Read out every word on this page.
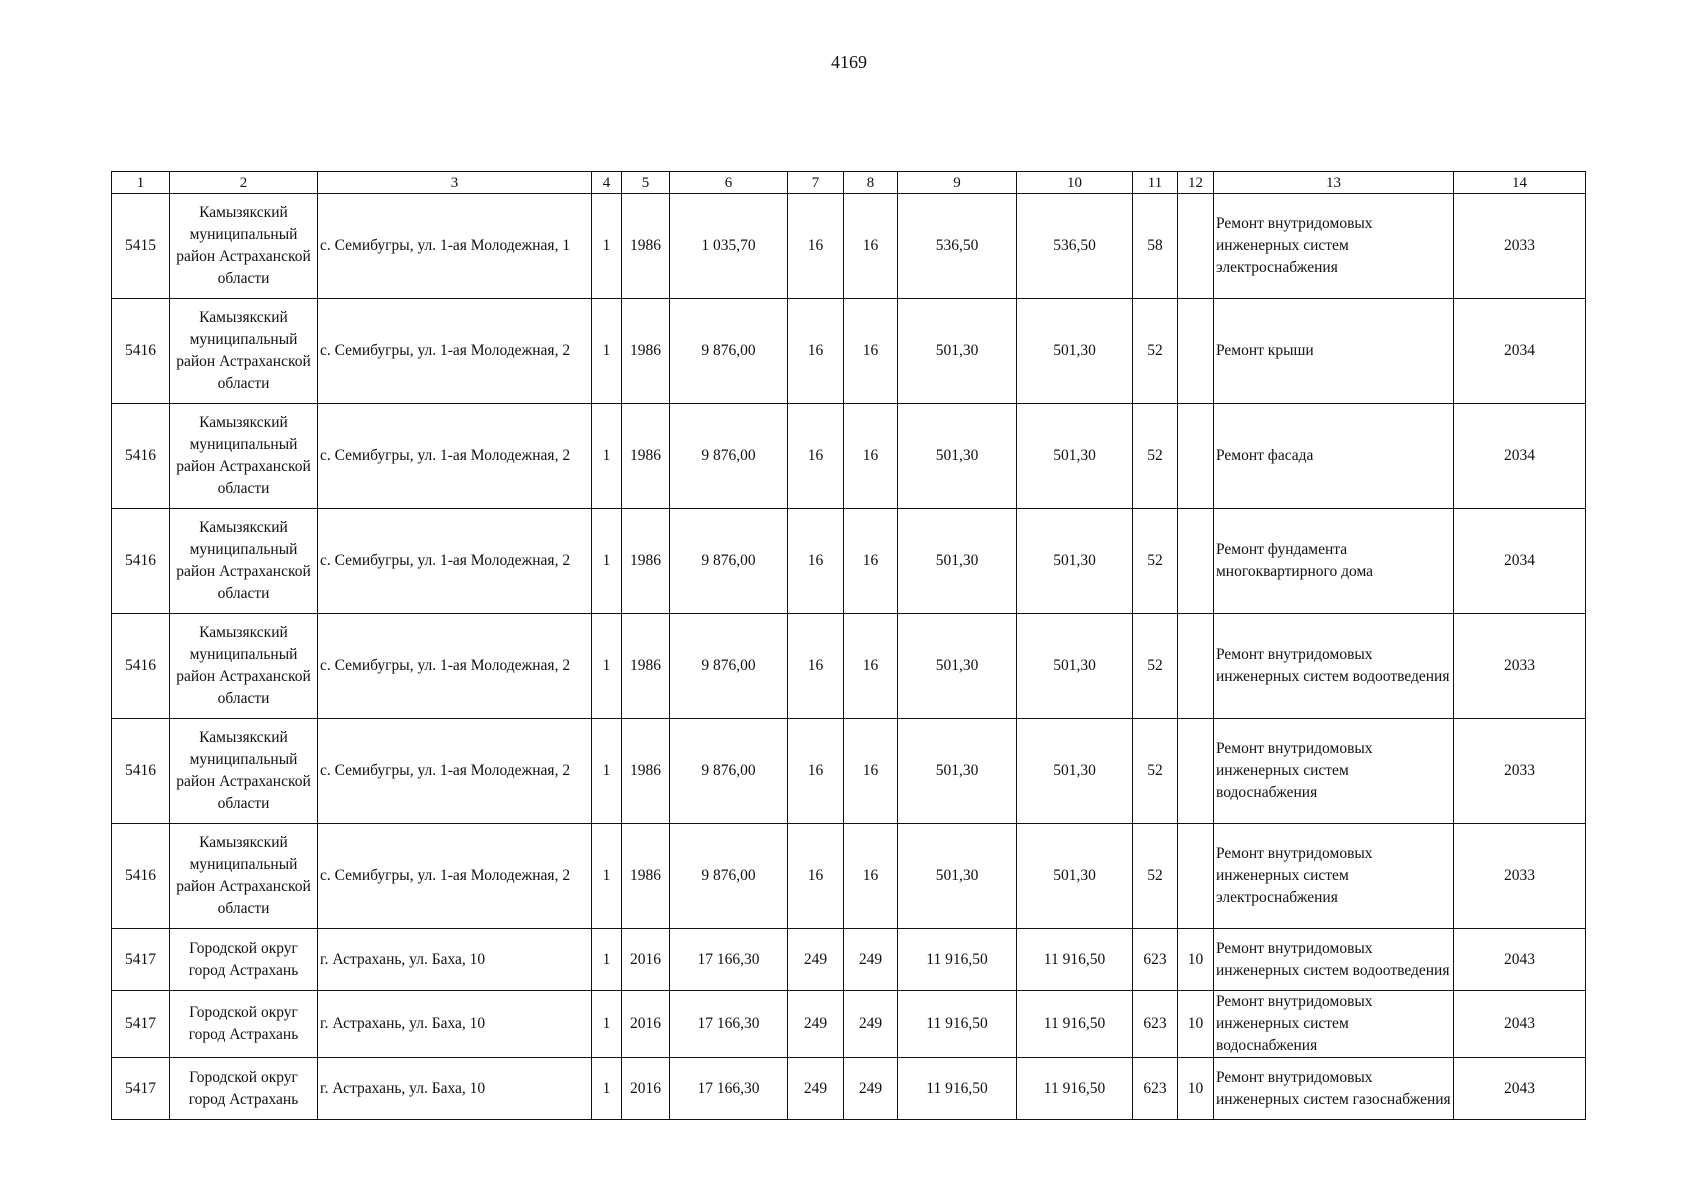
4169
1	2	3	4	5	6	7	8	9	10	11	12	13	14
5415	Камызякский муниципальный район Астраханской области	с. Семибугры, ул. 1-ая Молодежная, 1	1	1986	1 035,70	16	16	536,50	536,50	58		Ремонт внутридомовых инженерных систем электроснабжения	2033
5416	Камызякский муниципальный район Астраханской области	с. Семибугры, ул. 1-ая Молодежная, 2	1	1986	9 876,00	16	16	501,30	501,30	52		Ремонт крыши	2034
5416	Камызякский муниципальный район Астраханской области	с. Семибугры, ул. 1-ая Молодежная, 2	1	1986	9 876,00	16	16	501,30	501,30	52		Ремонт фасада	2034
5416	Камызякский муниципальный район Астраханской области	с. Семибугры, ул. 1-ая Молодежная, 2	1	1986	9 876,00	16	16	501,30	501,30	52		Ремонт фундамента многоквартирного дома	2034
5416	Камызякский муниципальный район Астраханской области	с. Семибугры, ул. 1-ая Молодежная, 2	1	1986	9 876,00	16	16	501,30	501,30	52		Ремонт внутридомовых инженерных систем водоотведения	2033
5416	Камызякский муниципальный район Астраханской области	с. Семибугры, ул. 1-ая Молодежная, 2	1	1986	9 876,00	16	16	501,30	501,30	52		Ремонт внутридомовых инженерных систем водоснабжения	2033
5416	Камызякский муниципальный район Астраханской области	с. Семибугры, ул. 1-ая Молодежная, 2	1	1986	9 876,00	16	16	501,30	501,30	52		Ремонт внутридомовых инженерных систем электроснабжения	2033
5417	Городской округ город Астрахань	г. Астрахань, ул. Баха, 10	1	2016	17 166,30	249	249	11 916,50	11 916,50	623	10	Ремонт внутридомовых инженерных систем водоотведения	2043
5417	Городской округ город Астрахань	г. Астрахань, ул. Баха, 10	1	2016	17 166,30	249	249	11 916,50	11 916,50	623	10	Ремонт внутридомовых инженерных систем водоснабжения	2043
5417	Городской округ город Астрахань	г. Астрахань, ул. Баха, 10	1	2016	17 166,30	249	249	11 916,50	11 916,50	623	10	Ремонт внутридомовых инженерных систем газоснабжения	2043
